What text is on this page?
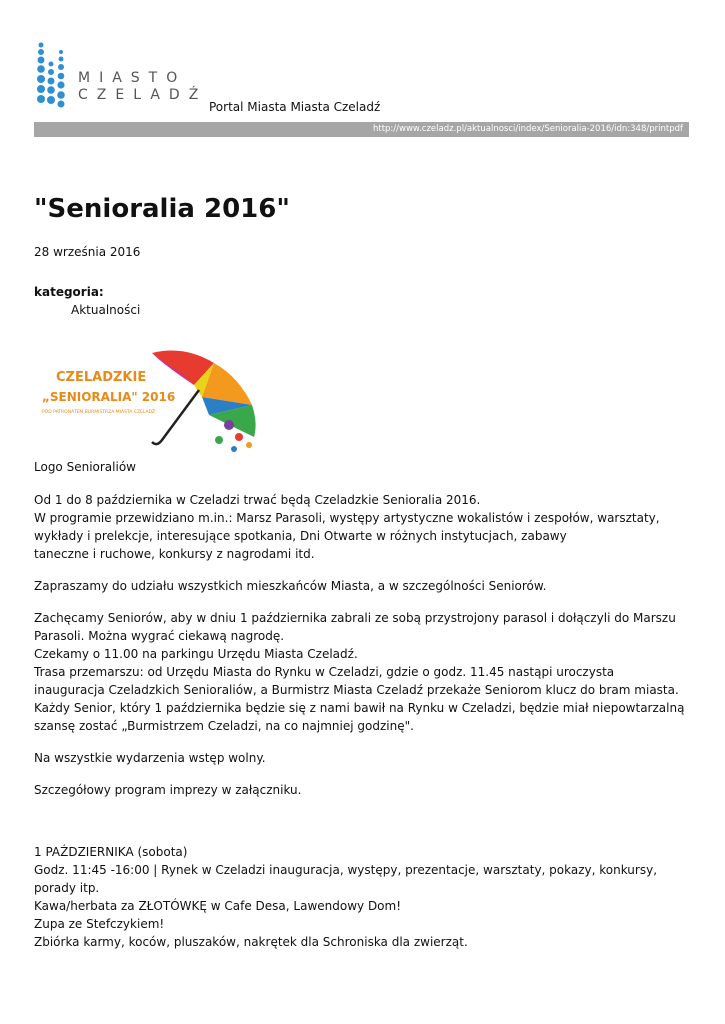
MIASTO
CZELADŹ
Portal Miasta Miasta Czeladź
http://www.czeladz.pl/aktualnosci/index/Senioralia-2016/idn:348/printpdf
"Senioralia 2016"
28 września 2016
kategoria:
Aktualności
CZELADZKIE
„SENIORALIA" 2016
POD PATRONATEM BURMISTRZA MIASTA CZELADŹ
Logo Senioraliów

Od 1 do 8 października w Czeladzi trwać będą Czeladzkie Senioralia 2016.
W programie przewidziano m.in.: Marsz Parasoli, występy artystyczne wokalistów i zespołów, warsztaty,
wykłady i prelekcje, interesujące spotkania, Dni Otwarte w różnych instytucjach, zabawy
taneczne i ruchowe, konkursy z nagrodami itd.

Zapraszamy do udziału wszystkich mieszkańców Miasta, a w szczególności Seniorów.

Zachęcamy Seniorów, aby w dniu 1 października zabrali ze sobą przystrojony parasol i dołączyli do Marszu
Parasoli. Można wygrać ciekawą nagrodę.
Czekamy o 11.00 na parkingu Urzędu Miasta Czeladź.
Trasa przemarszu: od Urzędu Miasta do Rynku w Czeladzi, gdzie o godz. 11.45 nastąpi uroczysta
inauguracja Czeladzkich Senioraliów, a Burmistrz Miasta Czeladź przekaże Seniorom klucz do bram miasta.
Każdy Senior, który 1 października będzie się z nami bawił na Rynku w Czeladzi, będzie miał niepowtarzalną
szansę zostać „Burmistrzem Czeladzi, na co najmniej godzinę".

Na wszystkie wydarzenia wstęp wolny.

Szczegółowy program imprezy w załączniku.

1 PAŹDZIERNIKA (sobota)
Godz. 11:45 -16:00 | Rynek w Czeladzi inauguracja, występy, prezentacje, warsztaty, pokazy, konkursy,
porady itp.
Kawa/herbata za ZŁOTÓWKĘ w Cafe Desa, Lawendowy Dom!
Zupa ze Stefczykiem!
Zbiórka karmy, koców, pluszaków, nakrętek dla Schroniska dla zwierząt.
